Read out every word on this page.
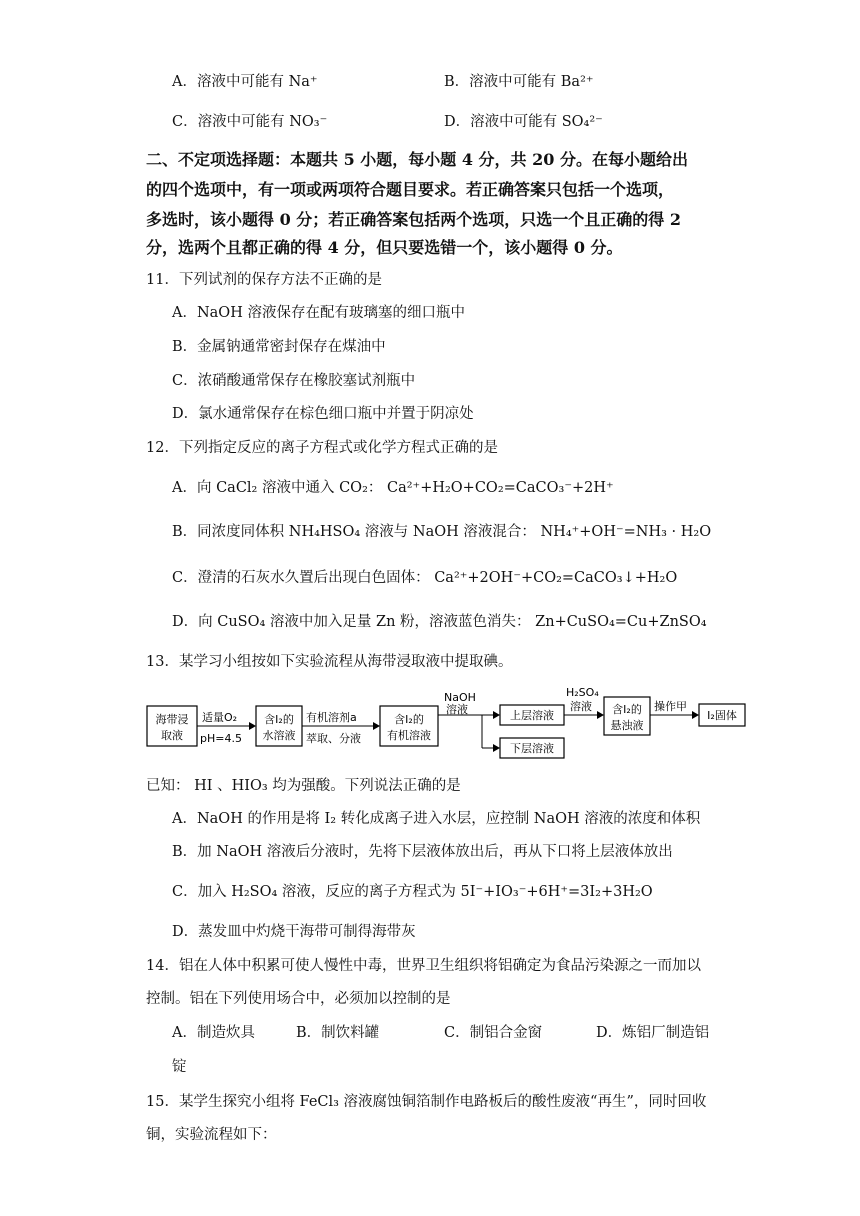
A．溶液中可能有 Na⁺	B．溶液中可能有 Ba²⁺
C．溶液中可能有 NO₃⁻	D．溶液中可能有 SO₄²⁻
二、不定项选择题：本题共 5 小题，每小题 4 分，共 20 分。在每小题给出
的四个选项中，有一项或两项符合题目要求。若正确答案只包括一个选项，
多选时，该小题得 0 分；若正确答案包括两个选项，只选一个且正确的得 2
分，选两个且都正确的得 4 分，但只要选错一个，该小题得 0 分。
11．下列试剂的保存方法不正确的是
A．NaOH 溶液保存在配有玻璃塞的细口瓶中
B．金属钠通常密封保存在煤油中
C．浓硝酸通常保存在橡胶塞试剂瓶中
D．氯水通常保存在棕色细口瓶中并置于阴凉处
12．下列指定反应的离子方程式或化学方程式正确的是
A．向 CaCl₂ 溶液中通入 CO₂： Ca²⁺+H₂O+CO₂=CaCO₃⁻+2H⁺
B．同浓度同体积 NH₄HSO₄ 溶液与 NaOH 溶液混合： NH₄⁺+OH⁻=NH₃ · H₂O
C．澄清的石灰水久置后出现白色固体： Ca²⁺+2OH⁻+CO₂=CaCO₃↓+H₂O
D．向 CuSO₄ 溶液中加入足量 Zn 粉，溶液蓝色消失： Zn+CuSO₄=Cu+ZnSO₄
13．某学习小组按如下实验流程从海带浸取液中提取碘。
海带浸
取液
适量O₂
pH=4.5
含I₂的
水溶液
有机溶剂a
萃取、分液
含I₂的
有机溶液
NaOH
溶液	上层溶液
下层溶液
H₂SO₄
溶液 含I₂的
悬浊液
操作甲
I₂固体
已知： HI 、HIO₃ 均为强酸。下列说法正确的是
A．NaOH 的作用是将 I₂ 转化成离子进入水层，应控制 NaOH 溶液的浓度和体积
B．加 NaOH 溶液后分液时，先将下层液体放出后，再从下口将上层液体放出
C．加入 H₂SO₄ 溶液，反应的离子方程式为 5I⁻+IO₃⁻+6H⁺=3I₂+3H₂O
D．蒸发皿中灼烧干海带可制得海带灰
14．铝在人体中积累可使人慢性中毒，世界卫生组织将铝确定为食品污染源之一而加以
控制。铝在下列使用场合中，必须加以控制的是
A．制造炊具	B．制饮料罐	C．制铝合金窗	D．炼铝厂制造铝
锭
15．某学生探究小组将 FeCl₃ 溶液腐蚀铜箔制作电路板后的酸性废液“再生”，同时回收
铜，实验流程如下：
